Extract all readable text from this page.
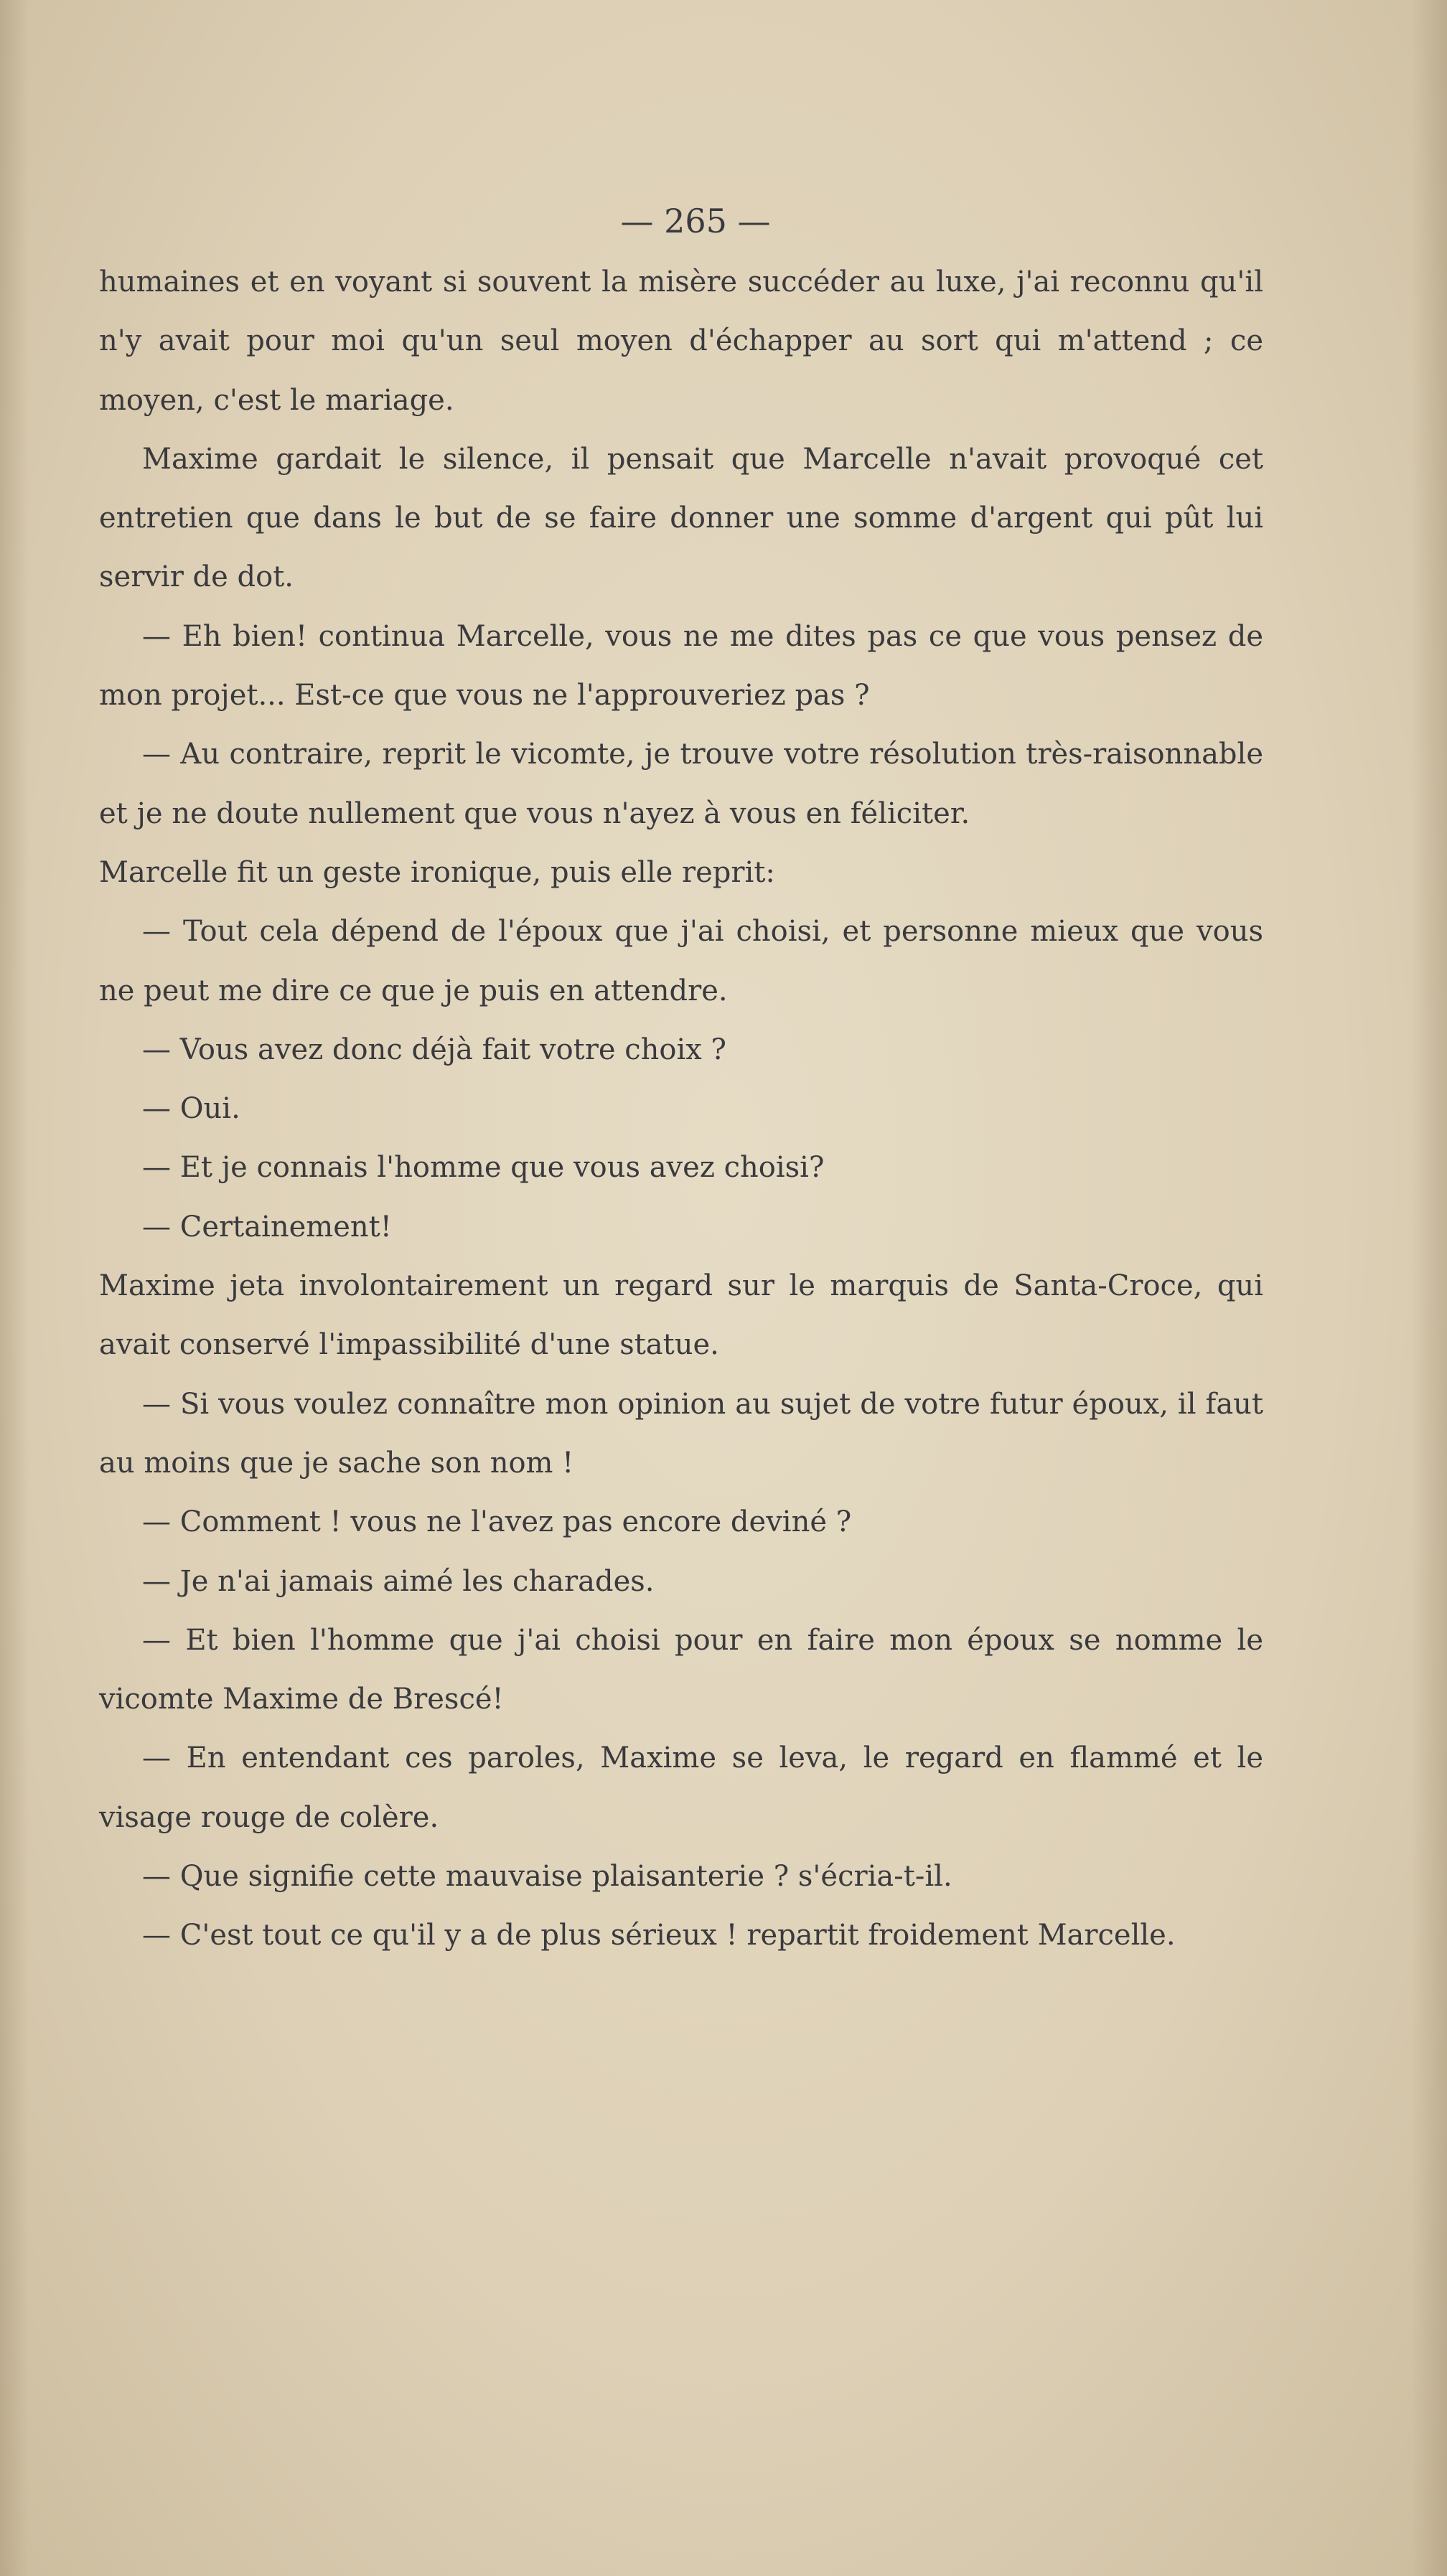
— 265 —

humaines et en voyant si souvent la misère succéder au luxe, j'ai reconnu qu'il n'y avait pour moi qu'un seul moyen d'échapper au sort qui m'attend ; ce moyen, c'est le mariage.

Maxime gardait le silence, il pensait que Marcelle n'avait provoqué cet entretien que dans le but de se faire donner une somme d'argent qui pût lui servir de dot.

— Eh bien! continua Marcelle, vous ne me dites pas ce que vous pensez de mon projet... Est-ce que vous ne l'approuveriez pas ?

— Au contraire, reprit le vicomte, je trouve votre résolution très-raisonnable et je ne doute nullement que vous n'ayez à vous en féliciter.

Marcelle fit un geste ironique, puis elle reprit:

— Tout cela dépend de l'époux que j'ai choisi, et personne mieux que vous ne peut me dire ce que je puis en attendre.

— Vous avez donc déjà fait votre choix ?

— Oui.

— Et je connais l'homme que vous avez choisi?

— Certainement!

Maxime jeta involontairement un regard sur le marquis de Santa-Croce, qui avait conservé l'impassibilité d'une statue.

— Si vous voulez connaître mon opinion au sujet de votre futur époux, il faut au moins que je sache son nom !

— Comment ! vous ne l'avez pas encore deviné ?

— Je n'ai jamais aimé les charades.

— Et bien l'homme que j'ai choisi pour en faire mon époux se nomme le vicomte Maxime de Brescé!

— En entendant ces paroles, Maxime se leva, le regard en flammé et le visage rouge de colère.

— Que signifie cette mauvaise plaisanterie ? s'écria-t-il.

— C'est tout ce qu'il y a de plus sérieux ! repartit froidement Marcelle.
